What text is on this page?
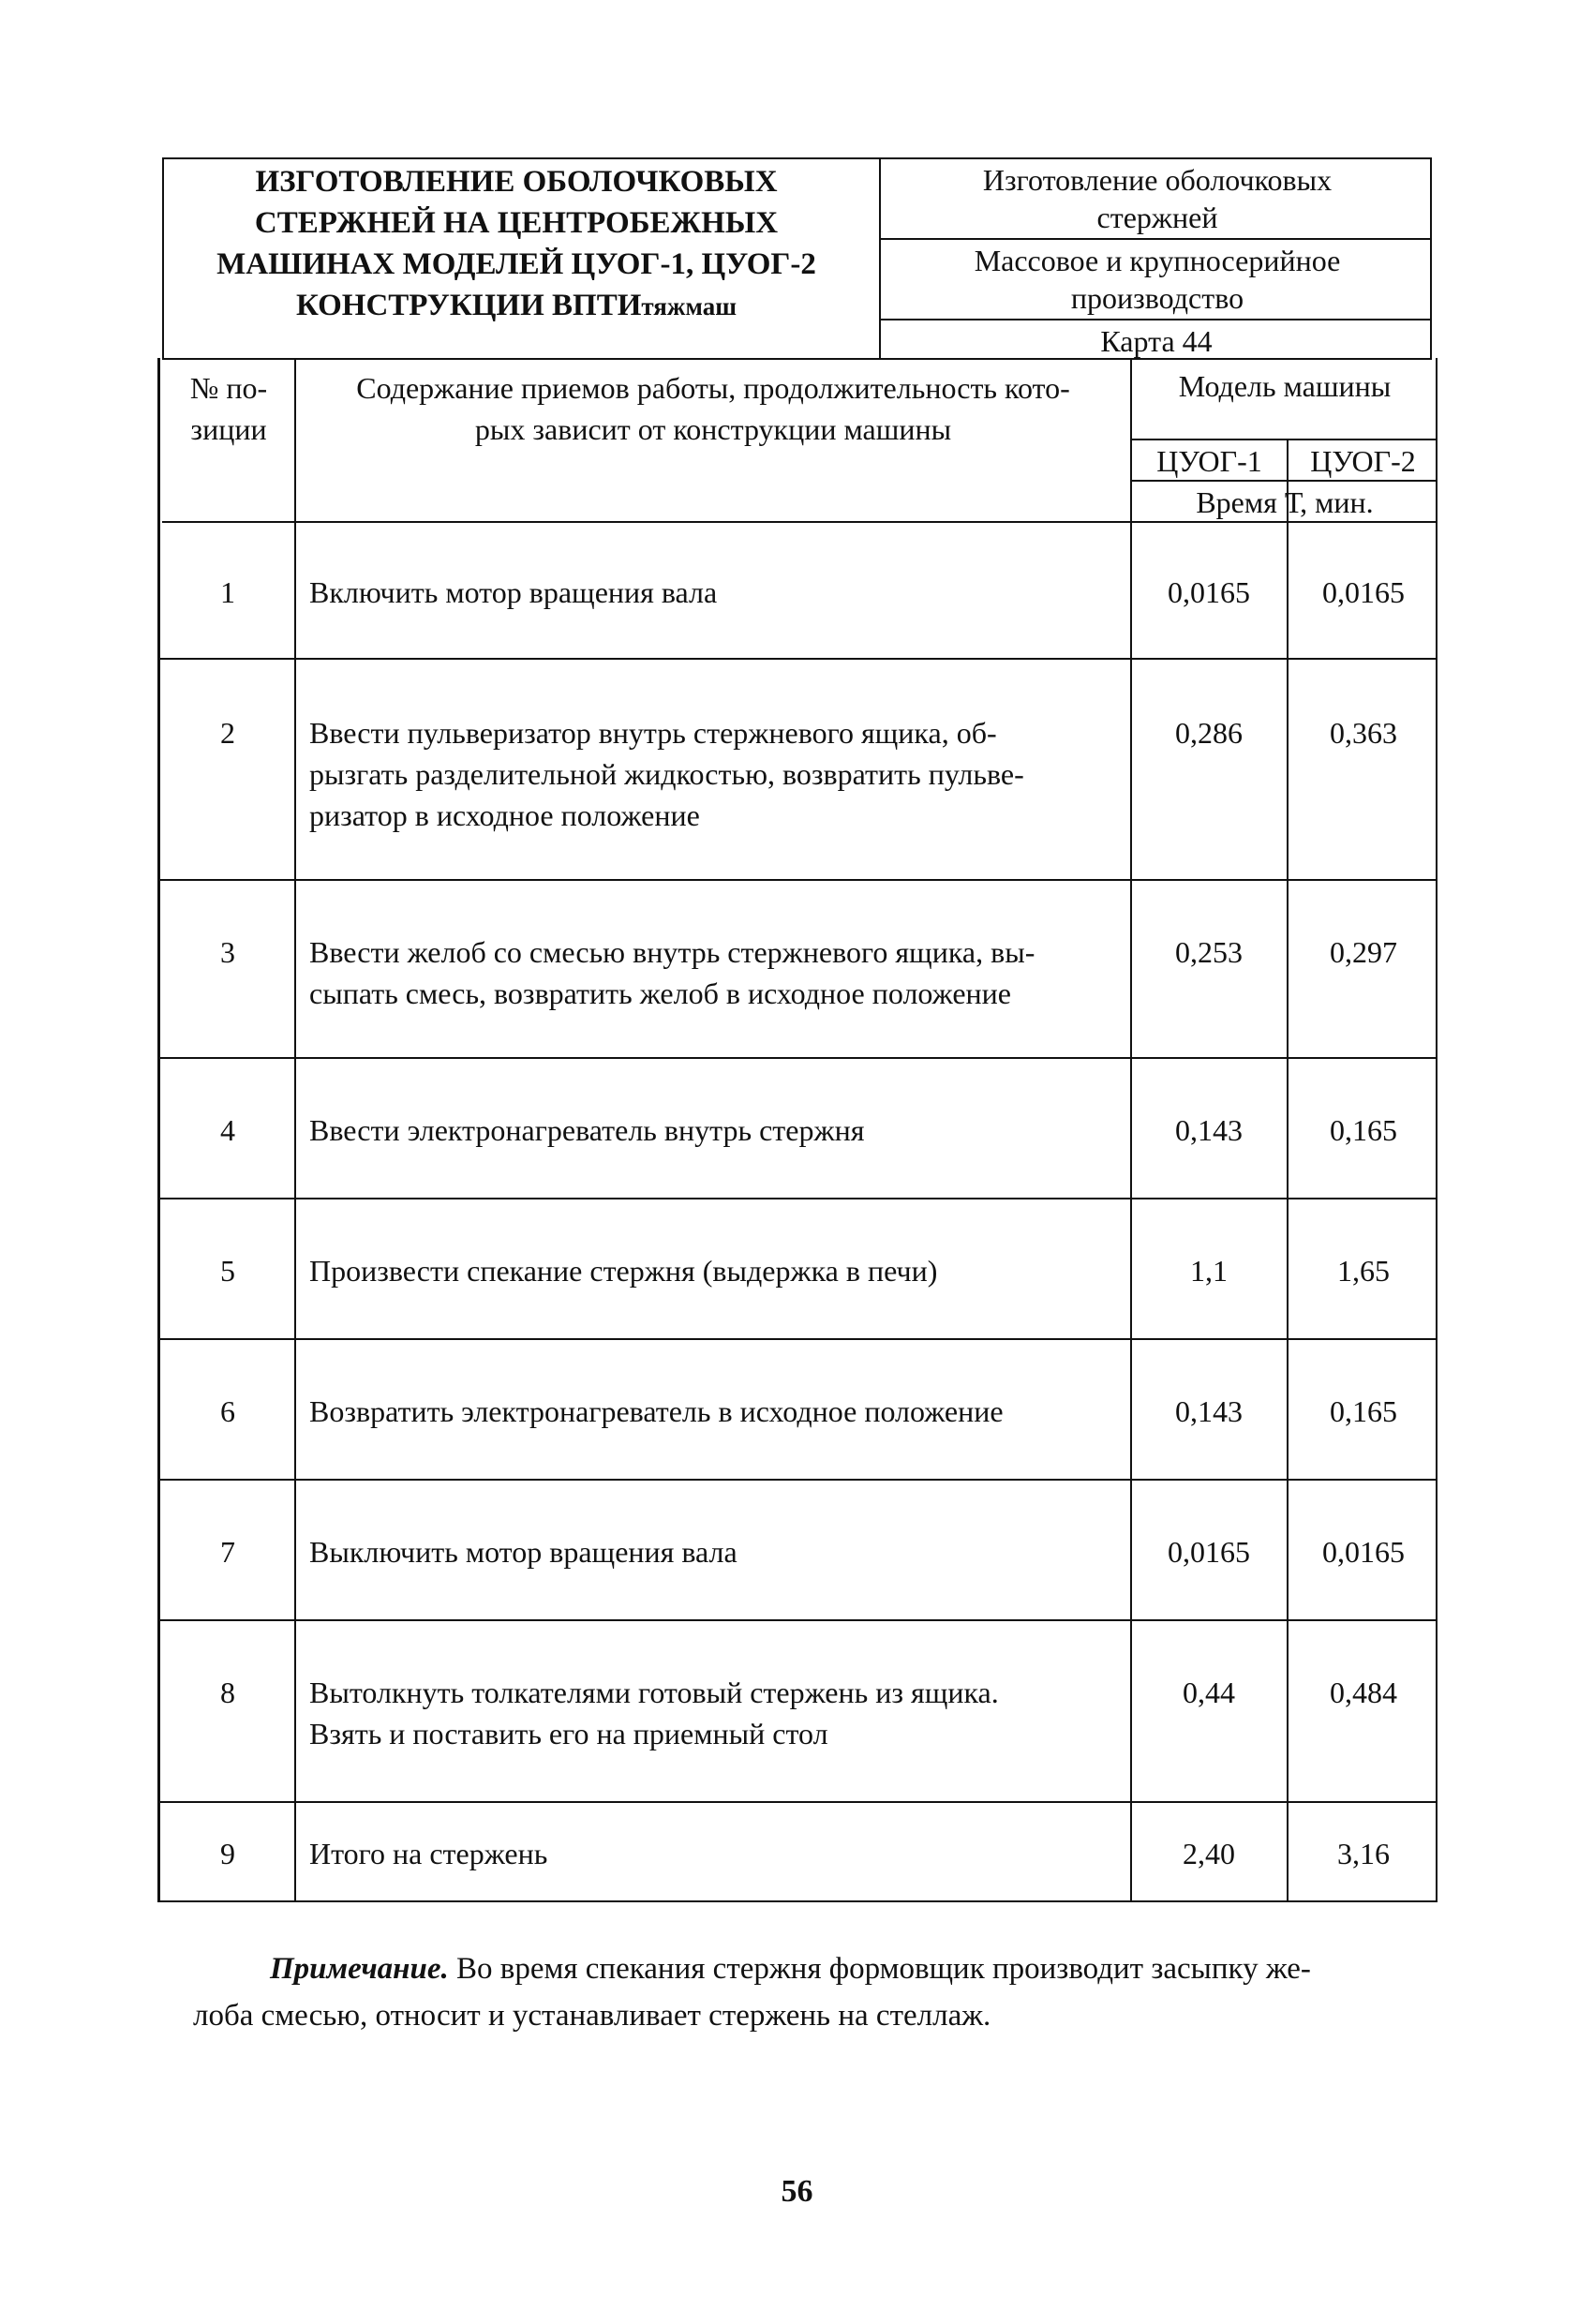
ИЗГОТОВЛЕНИЕ ОБОЛОЧКОВЫХ
СТЕРЖНЕЙ НА ЦЕНТРОБЕЖНЫХ
МАШИНАХ МОДЕЛЕЙ ЦУОГ-1, ЦУОГ-2
КОНСТРУКЦИИ ВПТИтяжмаш
Изготовление оболочковых стержней
Массовое и крупносерийное производство
Карта 44
№ по-
зиции
Содержание приемов работы, продолжительность кото-
рых зависит от конструкции машины
Модель машины
ЦУОГ-1	ЦУОГ-2
Время Т, мин.
1	Включить мотор вращения вала	0,0165	0,0165
2	Ввести пульверизатор внутрь стержневого ящика, об-
рызгать разделительной жидкостью, возвратить пульве-
ризатор в исходное положение
0,286	0,363
3	Ввести желоб со смесью внутрь стержневого ящика, вы-
сыпать смесь, возвратить желоб в исходное положение
0,253	0,297
4	Ввести электронагреватель внутрь стержня	0,143	0,165
5	Произвести спекание стержня (выдержка в печи)	1,1	1,65
6	Возвратить электронагреватель в исходное положение	0,143	0,165
7	Выключить мотор вращения вала	0,0165	0,0165
8	Вытолкнуть толкателями готовый стержень из ящика.
Взять и поставить его на приемный стол
0,44	0,484
9	Итого на стержень	2,40	3,16
Примечание. Во время спекания стержня формовщик производит засыпку же-
лоба смесью, относит и устанавливает стержень на стеллаж.
56
